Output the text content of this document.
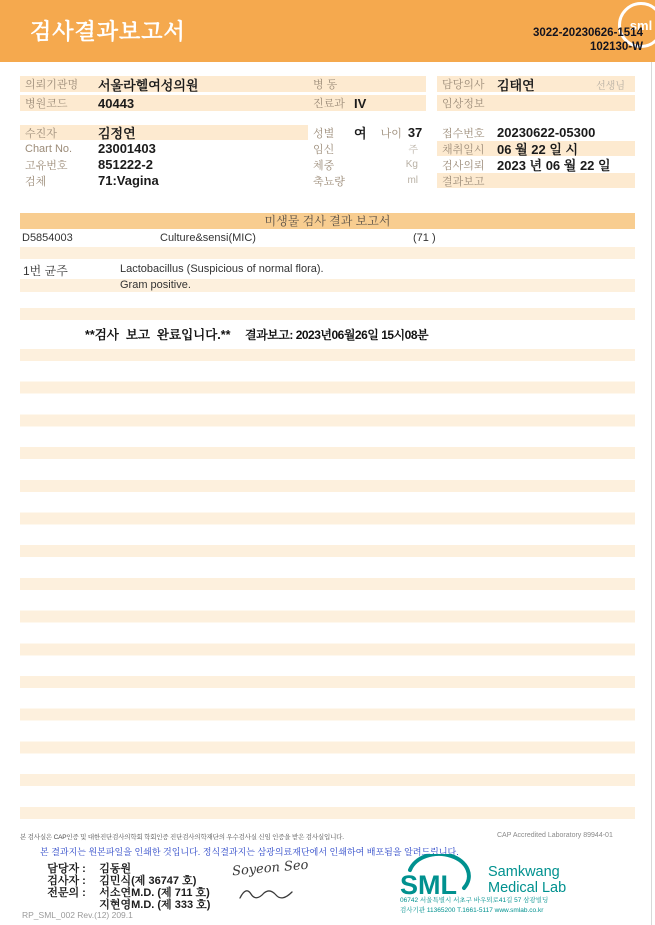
검사결과보고서	sml
3022-20230626-1514
102130-W
의뢰기관명	서울라헬여성의원
병원코드	40443
수진자	김정연
Chart No.	23001403
고유번호	851222-2
검체	71:Vagina
병 동
진료과 IV
성별	여 나이 37
임신	주
체중	Kg
축뇨량	ml
담당의사 김태연	선생님
임상정보
접수번호 20230622-05300
채취일시 06 월 22 일 시
검사의뢰 2023 년 06 월 22 일
결과보고
미생물 검사 결과 보고서
D5854003	Culture&sensi(MIC)	(71 )
1번 균주	Lactobacillus (Suspicious of normal flora).
Gram positive.
**검사  보고  완료입니다.** 결과보고: 2023년06월26일 15시08분
본 검사실은 CAP인증 및 대한진단검사의학회 학회인증 진단검사의학재단의 우수검사실 신임 인증을 받은 검사실입니다.	CAP Accredited Laboratory 89944-01
본 결과지는 원본파일을 인쇄한 것입니다. 정식결과지는 삼광의료재단에서 인쇄하여 배포됨을 알려드립니다.

담당자 : 김동원

검사자 : 김민식(제 36747 호)

전문의 : 서소연M.D. (제 711 호)

지현영M.D. (제 333 호)

Soyeon Seo
SML Samkwang
Medical Lab
06742 서울특별시 서초구 바우뫼로41길 57 삼광빌딩
검사기관 11365200 T.1661-5117 www.smlab.co.kr
RP_SML_002 Rev.(12) 209.1
